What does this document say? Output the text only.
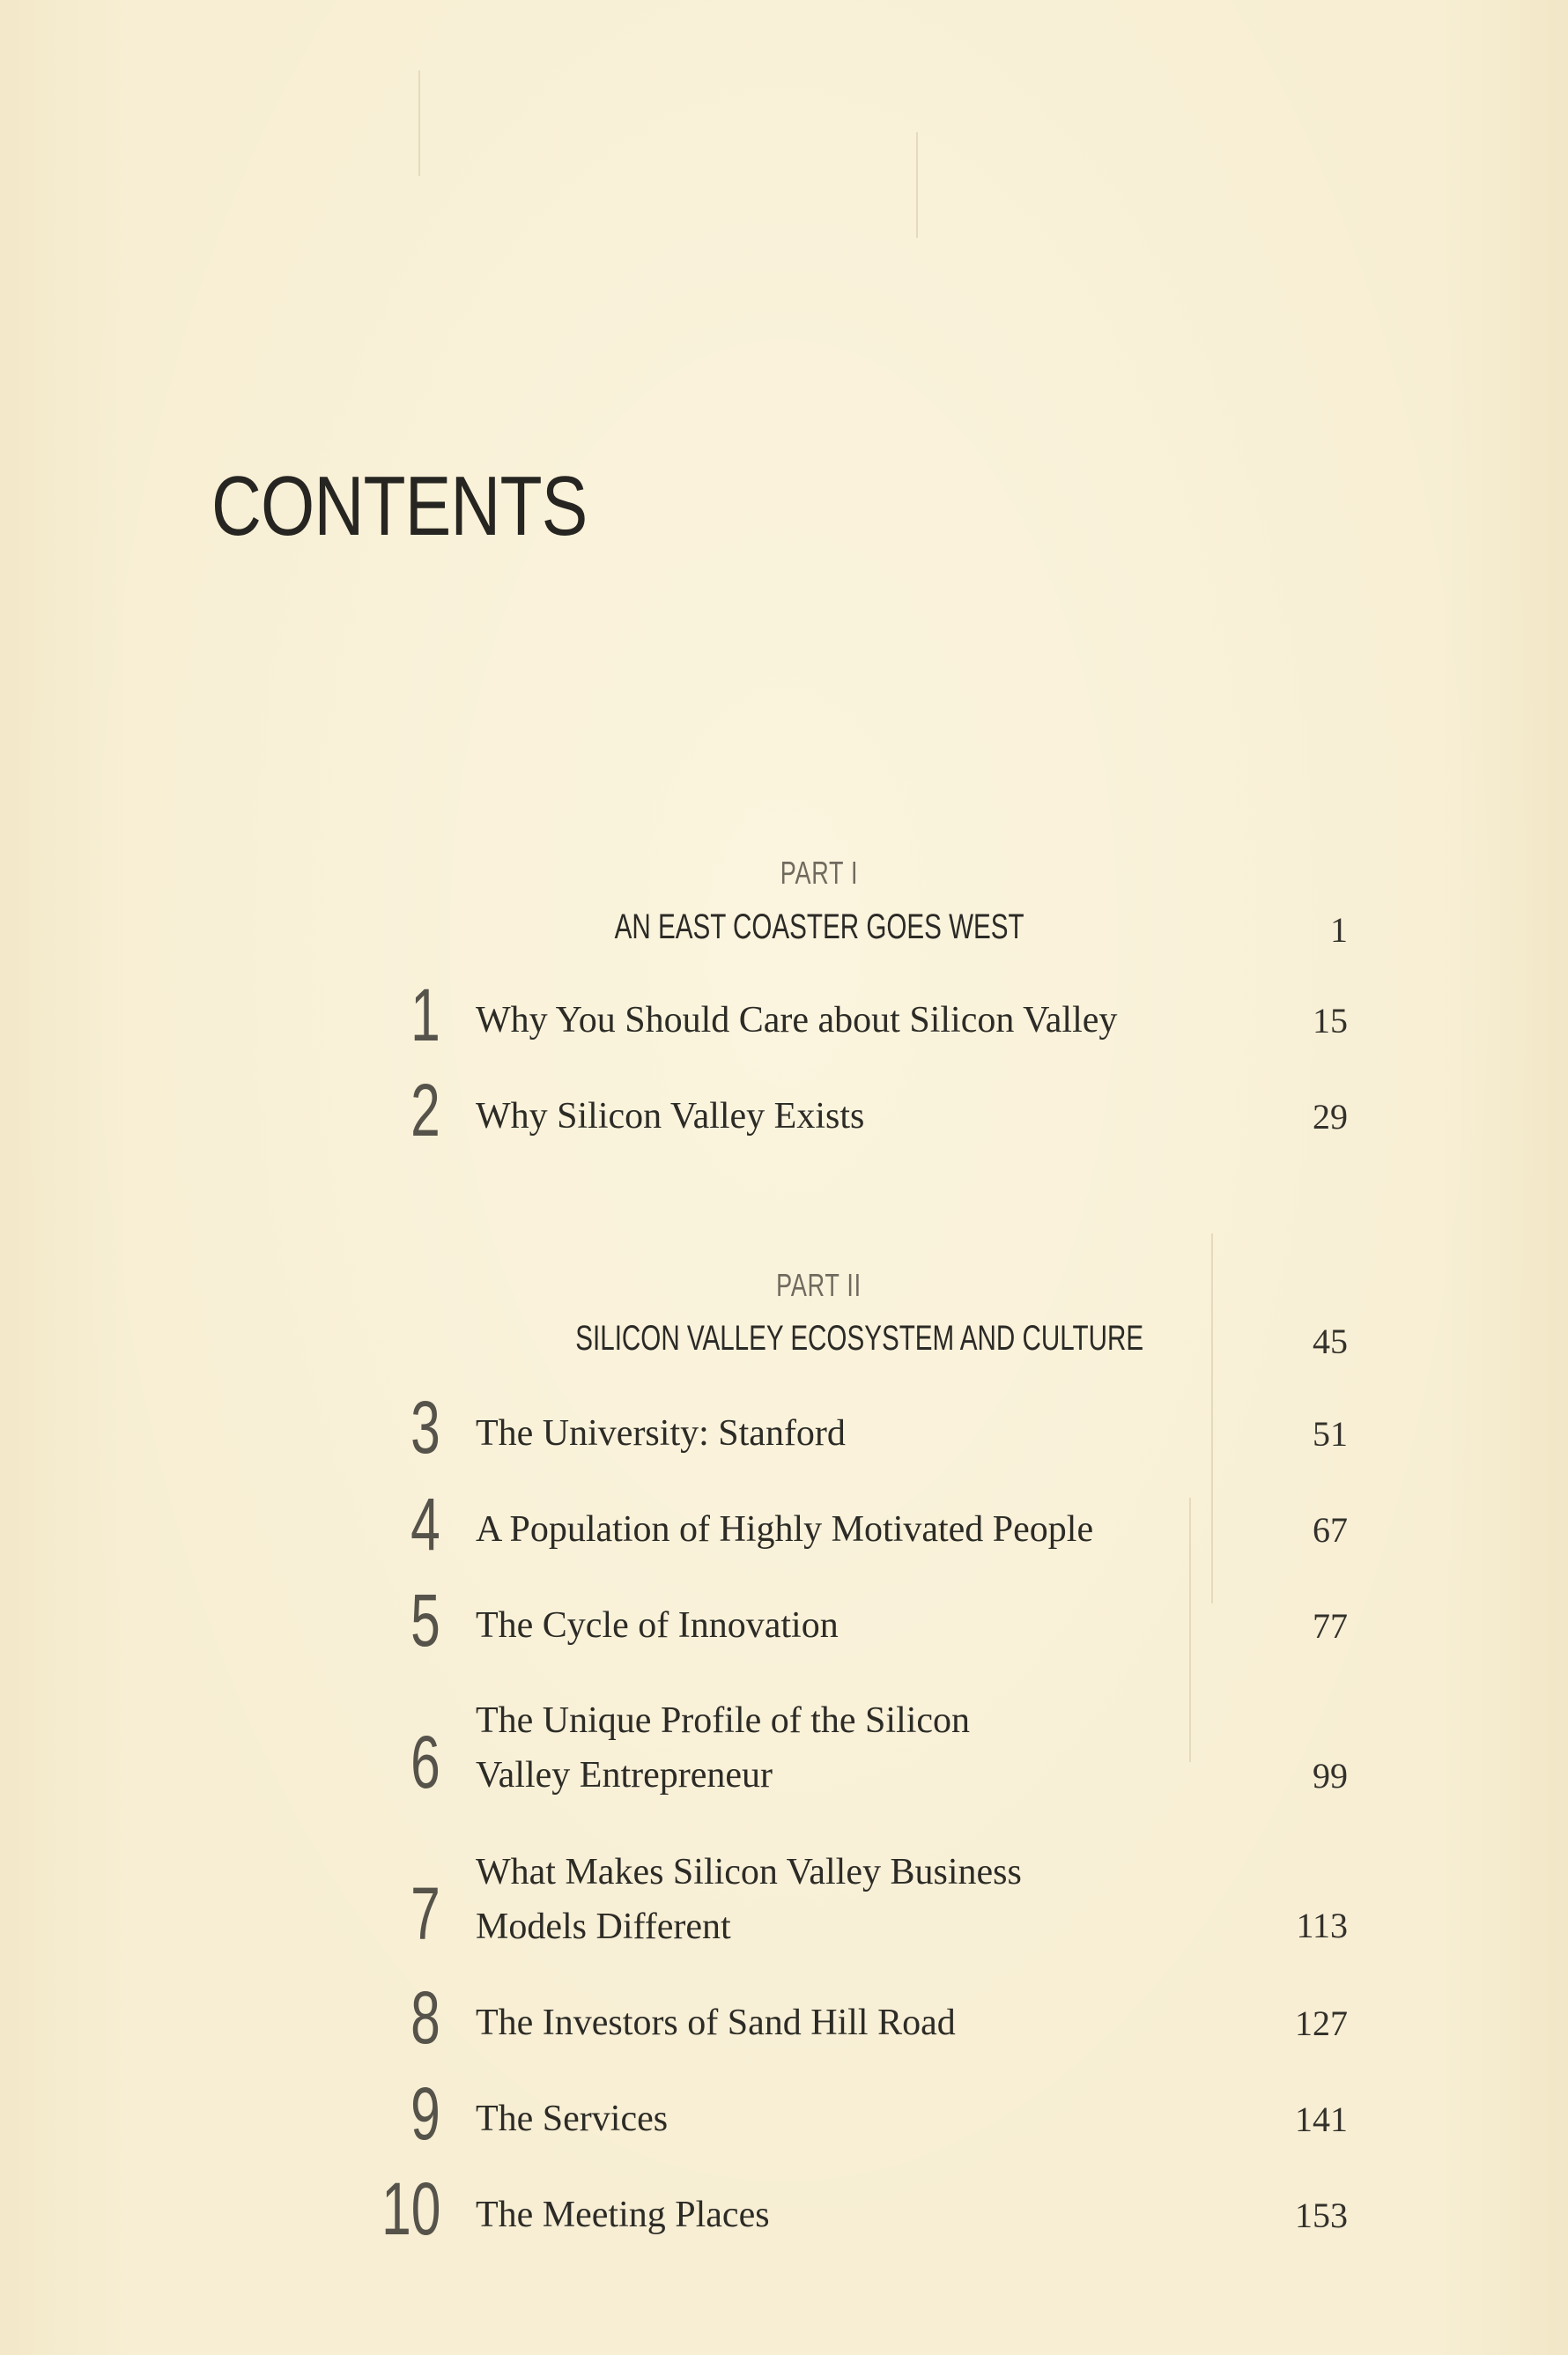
CONTENTS
PART I
AN EAST COASTER GOES WEST	1
1 Why You Should Care about Silicon Valley	15
2 Why Silicon Valley Exists	29
PART II
SILICON VALLEY ECOSYSTEM AND CULTURE	45
3 The University: Stanford	51
4 A Population of Highly Motivated People	67
5 The Cycle of Innovation	77
6 The Unique Profile of the Silicon
Valley Entrepreneur	99
7 What Makes Silicon Valley Business
Models Different	113
8 The Investors of Sand Hill Road	127
9 The Services	141
10 The Meeting Places	153
